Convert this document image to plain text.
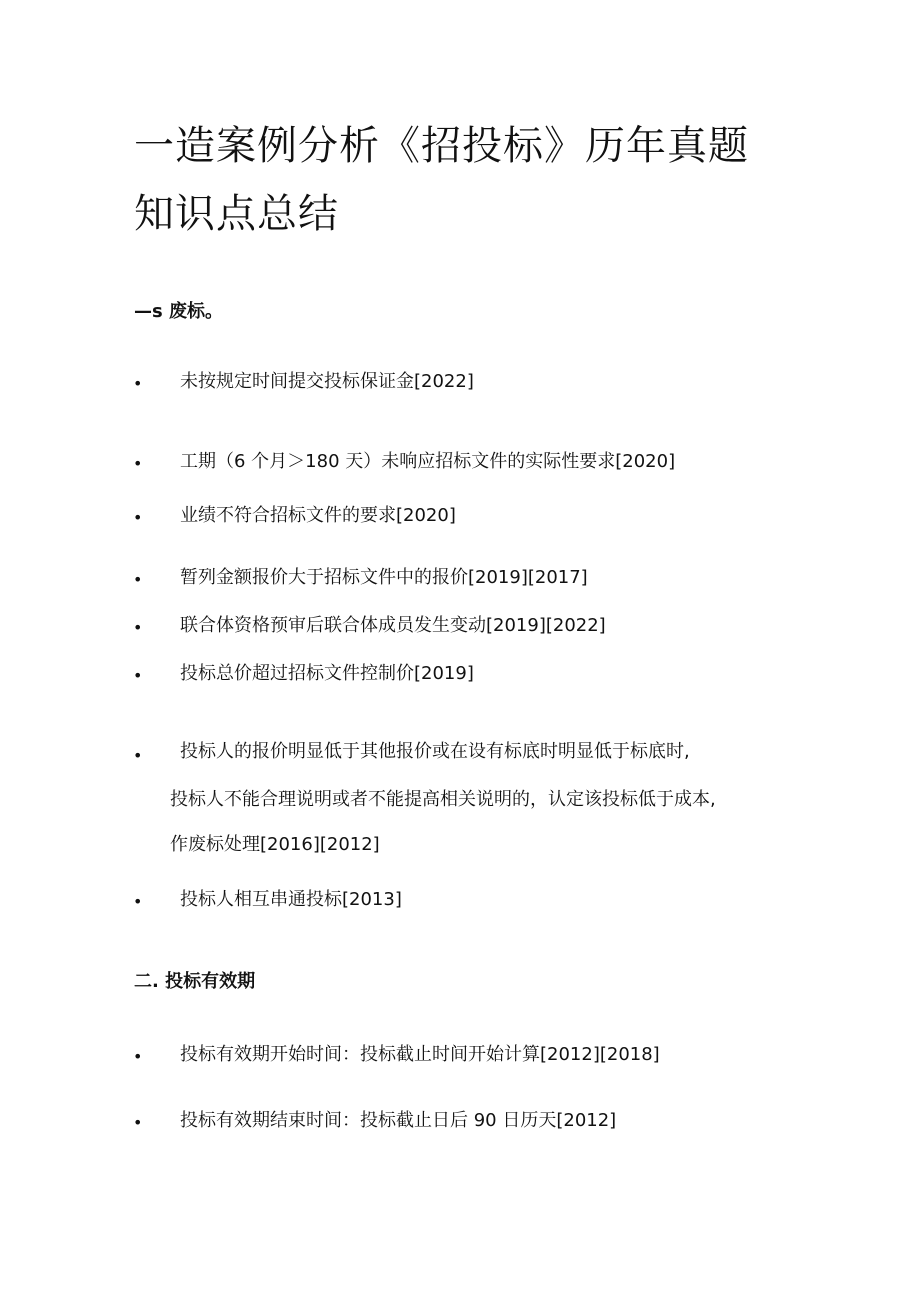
一造案例分析《招投标》历年真题
知识点总结
—s 废标。
• 未按规定时间提交投标保证金[2022]
• 工期（6 个月＞180 天）未响应招标文件的实际性要求[2020]
• 业绩不符合招标文件的要求[2020]
• 暂列金额报价大于招标文件中的报价[2019][2017]
• 联合体资格预审后联合体成员发生变动[2019][2022]
• 投标总价超过招标文件控制价[2019]
• 投标人的报价明显低于其他报价或在设有标底时明显低于标底时,
投标人不能合理说明或者不能提高相关说明的，认定该投标低于成本,
作废标处理[2016][2012]
• 投标人相互串通投标[2013]
二. 投标有效期
• 投标有效期开始时间：投标截止时间开始计算[2012][2018]
• 投标有效期结束时间：投标截止日后 90 日历天[2012]
